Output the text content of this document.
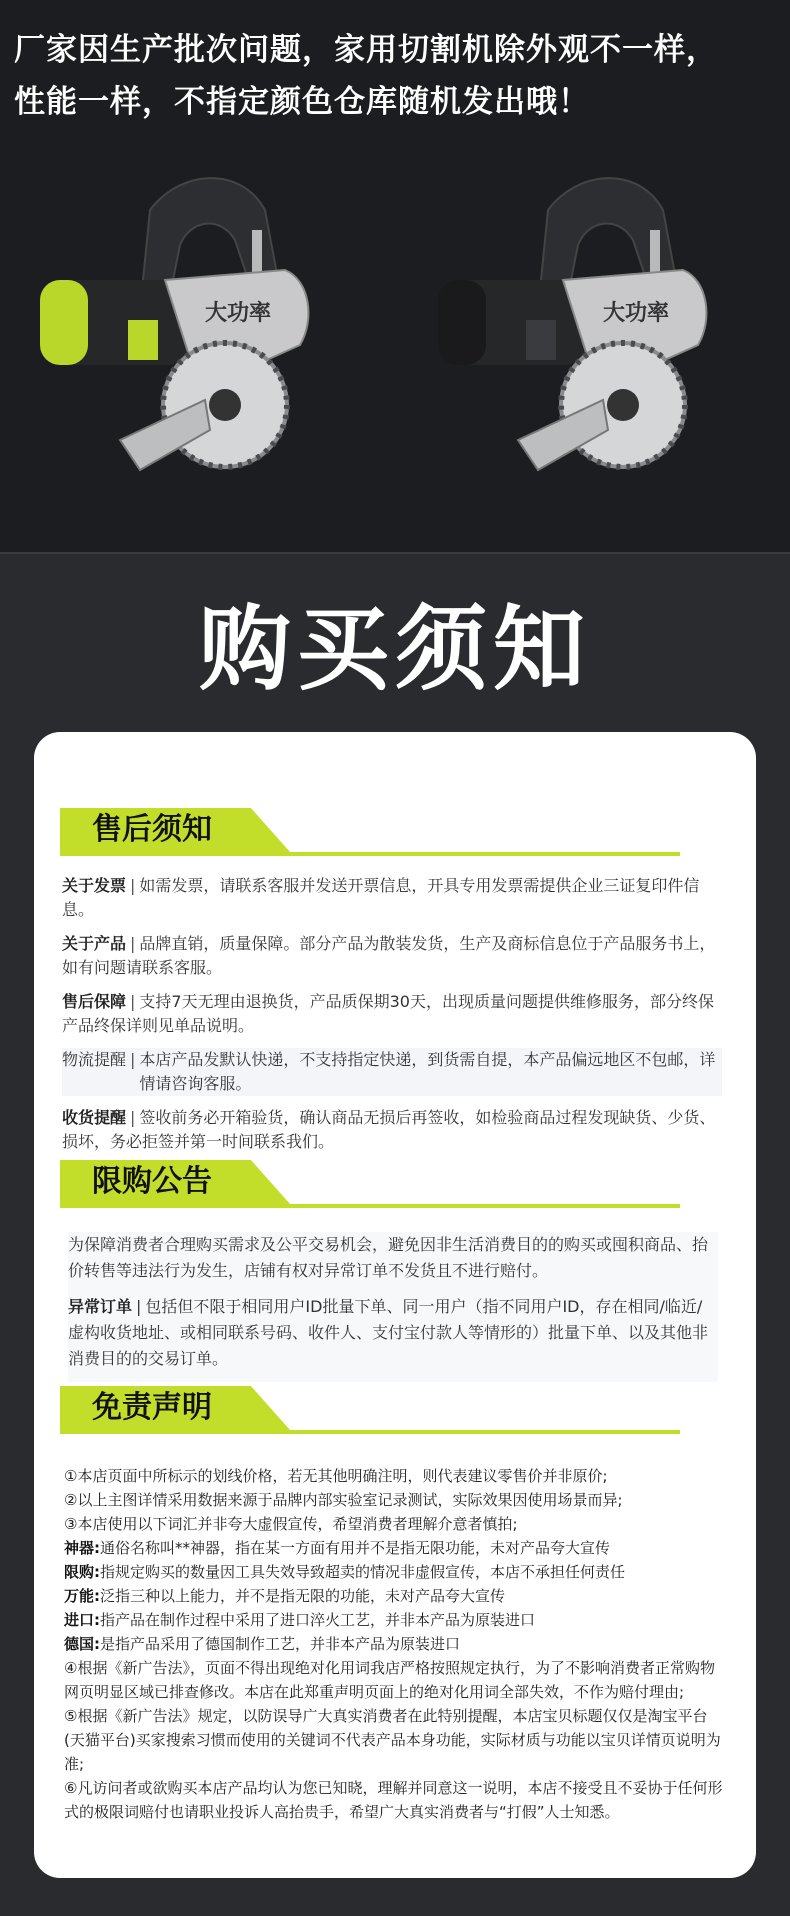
厂家因生产批次问题，家用切割机除外观不一样，
性能一样，不指定颜色仓库随机发出哦！
大功率	大功率
购买须知
售后须知
关于发票 | 如需发票，请联系客服并发送开票信息，开具专用发票需提供企业三证复印件信息。
关于产品 | 品牌直销，质量保障。部分产品为散装发货，生产及商标信息位于产品服务书上，如有问题请联系客服。
售后保障 | 支持7天无理由退换货，产品质保期30天，出现质量问题提供维修服务，部分终保产品终保详则见单品说明。
物流提醒 | 本店产品发默认快递，不支持指定快递，到货需自提，本产品偏远地区不包邮，详情请咨询客服。
收货提醒 | 签收前务必开箱验货，确认商品无损后再签收，如检验商品过程发现缺货、少货、损坏，务必拒签并第一时间联系我们。
限购公告
为保障消费者合理购买需求及公平交易机会，避免因非生活消费目的的购买或囤积商品、抬价转售等违法行为发生，店铺有权对异常订单不发货且不进行赔付。
异常订单 | 包括但不限于相同用户ID批量下单、同一用户（指不同用户ID，存在相同/临近/虚构收货地址、或相同联系号码、收件人、支付宝付款人等情形的）批量下单、以及其他非消费目的的交易订单。
免责声明
①本店页面中所标示的划线价格，若无其他明确注明，则代表建议零售价并非原价;
②以上主图详情采用数据来源于品牌内部实验室记录测试，实际效果因使用场景而异;
③本店使用以下词汇并非夸大虚假宣传，希望消费者理解介意者慎拍;
神器:通俗名称叫**神器，指在某一方面有用并不是指无限功能，未对产品夸大宣传
限购:指规定购买的数量因工具失效导致超卖的情况非虚假宣传，本店不承担任何责任
万能:泛指三种以上能力，并不是指无限的功能，未对产品夸大宣传
进口:指产品在制作过程中采用了进口淬火工艺，并非本产品为原装进口
德国:是指产品采用了德国制作工艺，并非本产品为原装进口
④根据《新广告法》，页面不得出现绝对化用词我店严格按照规定执行，为了不影响消费者正常购物网页明显区域已排查修改。本店在此郑重声明页面上的绝对化用词全部失效，不作为赔付理由;
⑤根据《新广告法》规定，以防误导广大真实消费者在此特别提醒，本店宝贝标题仅仅是淘宝平台(天猫平台)买家搜索习惯而使用的关键词不代表产品本身功能，实际材质与功能以宝贝详情页说明为准;
⑥凡访问者或欲购买本店产品均认为您已知晓，理解并同意这一说明，本店不接受且不妥协于任何形式的极限词赔付也请职业投诉人高抬贵手，希望广大真实消费者与“打假”人士知悉。
